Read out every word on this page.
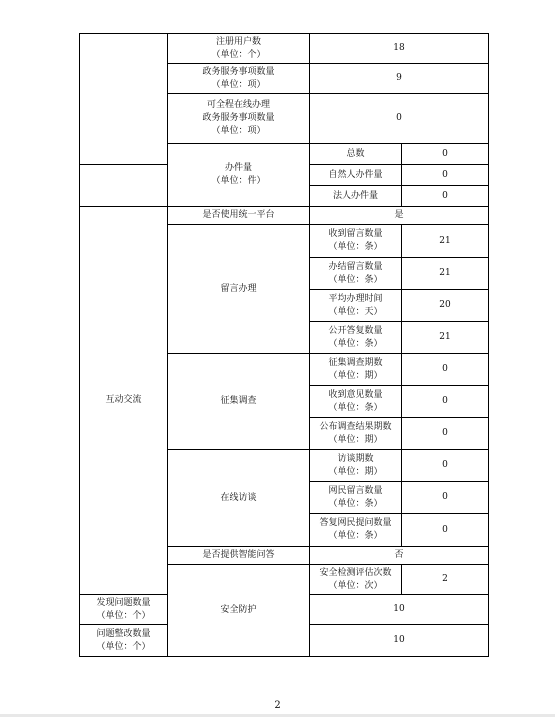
	注册用户数
（单位：个）	18	

	政务服务事项数量
（单位：项）	9	

	可全程在线办理
政务服务事项数量
（单位：项）	0	

	办件量
（单位：件）	总数	0
		自然人办件量	0
		法人办件量	0
互动交流	是否使用统一平台	是	
	留言办理	收到留言数量
（单位：条）	21

		办结留言数量
（单位：条）	21

		平均办理时间
（单位：天）	20

		公开答复数量
（单位：条）	21
	征集调查	征集调查期数
（单位：期）	0

		收到意见数量
（单位：条）	0

		公布调查结果期数
（单位：期）	0
	在线访谈	访谈期数
（单位：期）	0

		网民留言数量
（单位：条）	0

		答复网民提问数量
（单位：条）	0
	是否提供智能问答	否	
	安全防护	安全检测评估次数
（单位：次）	2

发现问题数量
（单位：个）		10	

问题整改数量
（单位：个）		10	
2
